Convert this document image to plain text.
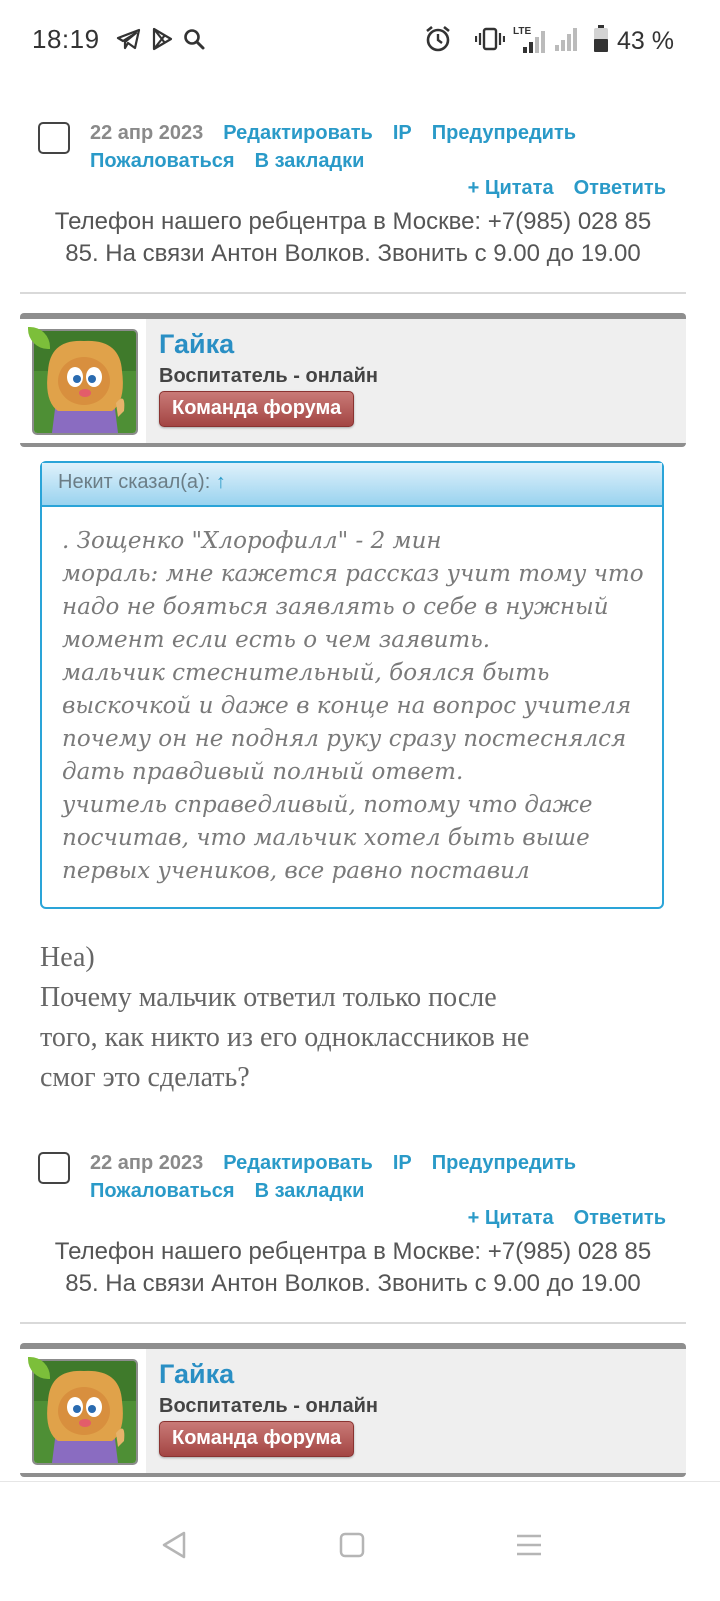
18:19	LTE	43 %
22 апр 2023 Редактировать IP Предупредить
Пожаловаться В закладки
+ Цитата Ответить
Телефон нашего ребцентра в Москве: +7(985) 028 85
85. На связи Антон Волков. Звонить с 9.00 до 19.00
Гайка
Воспитатель - онлайн
Команда форума
Некит сказал(а): ↑
. Зощенко "Хлорофилл" - 2 мин
мораль: мне кажется рассказ учит тому что
надо не бояться заявлять о себе в нужный
момент если есть о чем заявить.
мальчик стеснительный, боялся быть
выскочкой и даже в конце на вопрос учителя
почему он не поднял руку сразу постеснялся
дать правдивый полный ответ.
учитель справедливый, потому что даже
посчитав, что мальчик хотел быть выше
первых учеников, все равно поставил
Неа)
Почему мальчик ответил только после
того, как никто из его одноклассников не
смог это сделать?
22 апр 2023 Редактировать IP Предупредить
Пожаловаться В закладки
+ Цитата Ответить
Телефон нашего ребцентра в Москве: +7(985) 028 85
85. На связи Антон Волков. Звонить с 9.00 до 19.00
Гайка
Воспитатель - онлайн
Команда форума
